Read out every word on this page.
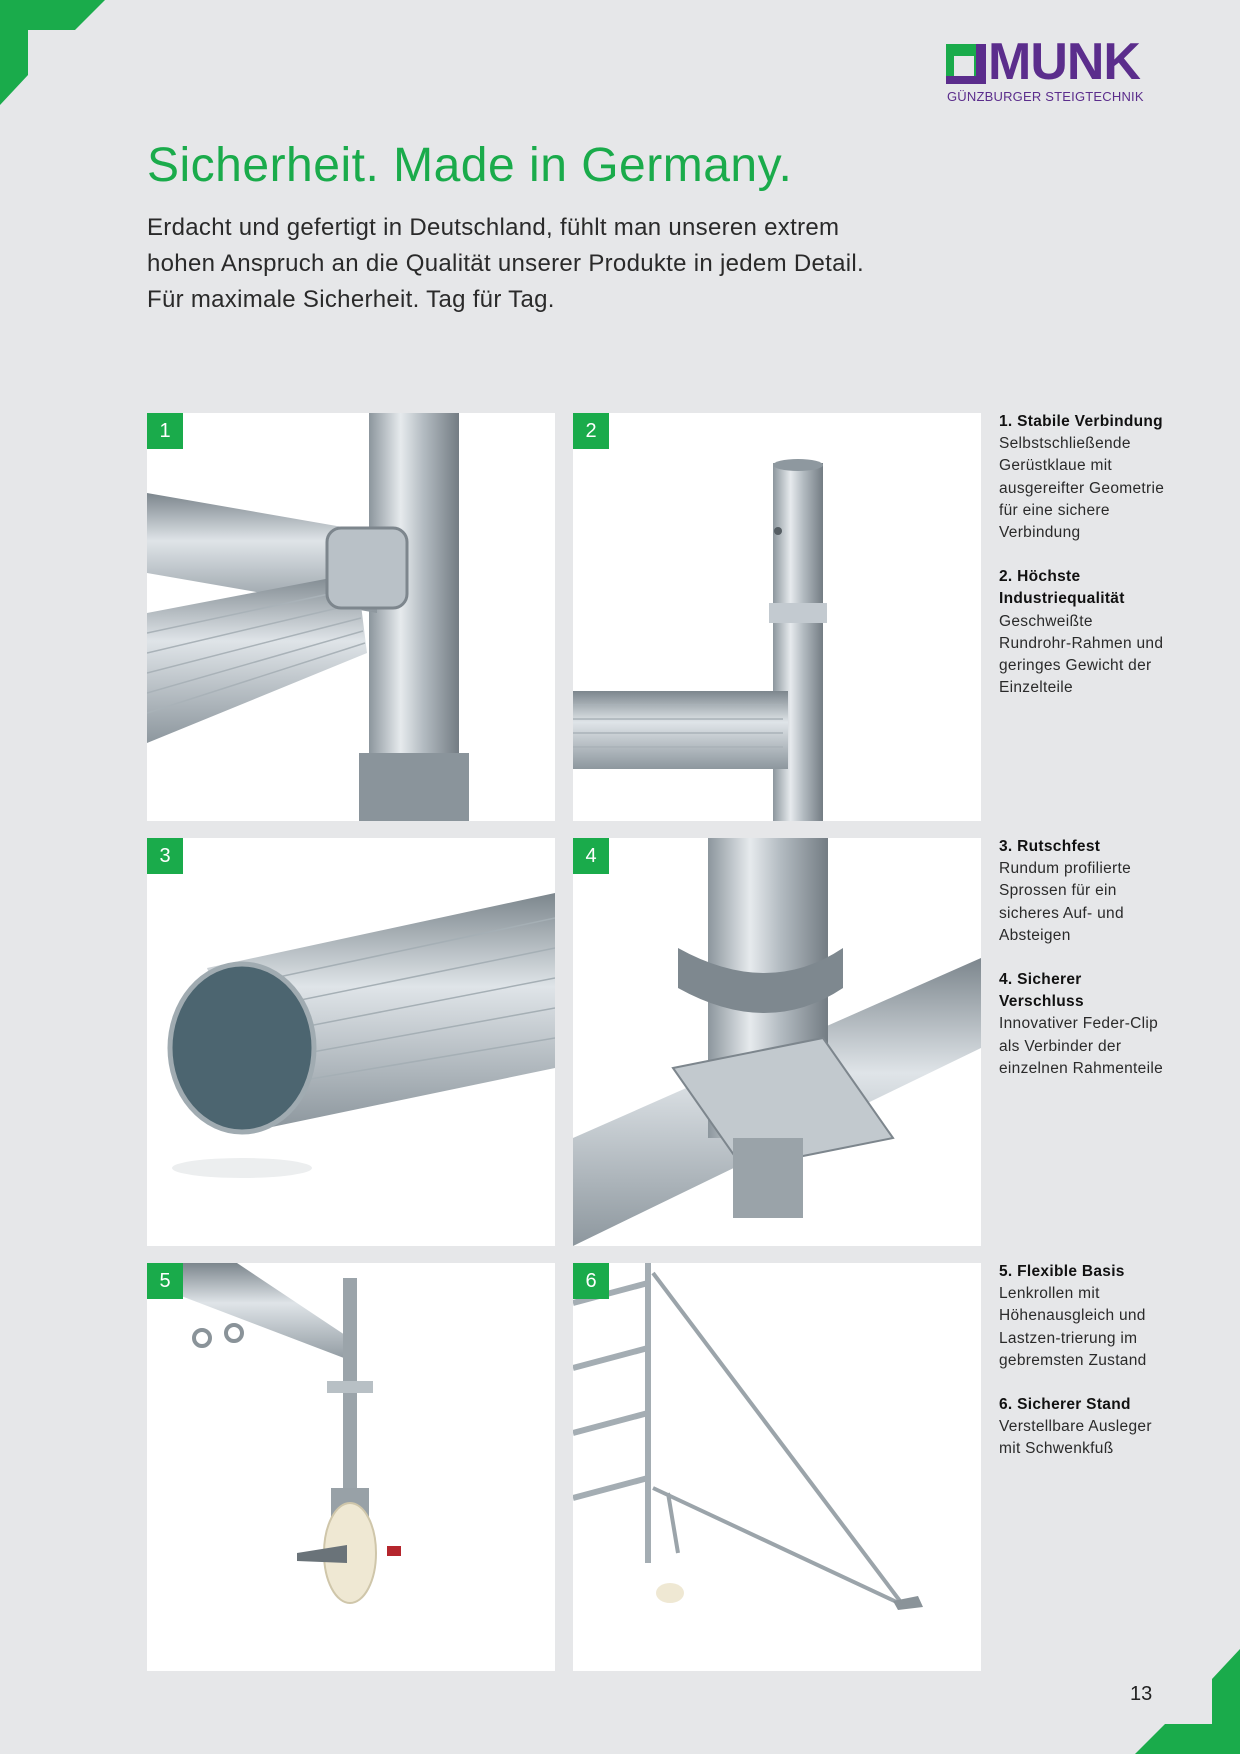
MUNK
GÜNZBURGER STEIGTECHNIK
Sicherheit. Made in Germany.

Erdacht und gefertigt in Deutschland, fühlt man unseren extrem hohen Anspruch an die Qualität unserer Produkte in jedem Detail. Für maximale Sicherheit. Tag für Tag.

1	2
3	4
5	6
1. Stabile Verbindung
Selbstschließende Gerüstklaue mit ausgereifter Geometrie für eine sichere Verbindung
2. Höchste Industriequalität
Geschweißte Rundrohr-Rahmen und geringes Gewicht der Einzelteile
3. Rutschfest
Rundum profilierte Sprossen für ein sicheres Auf- und Absteigen
4. Sicherer Verschluss
Innovativer Feder-Clip als Verbinder der einzelnen Rahmenteile
5. Flexible Basis
Lenkrollen mit Höhenausgleich und Lastzen-trierung im gebremsten Zustand
6. Sicherer Stand
Verstellbare Ausleger mit Schwenkfuß
13
